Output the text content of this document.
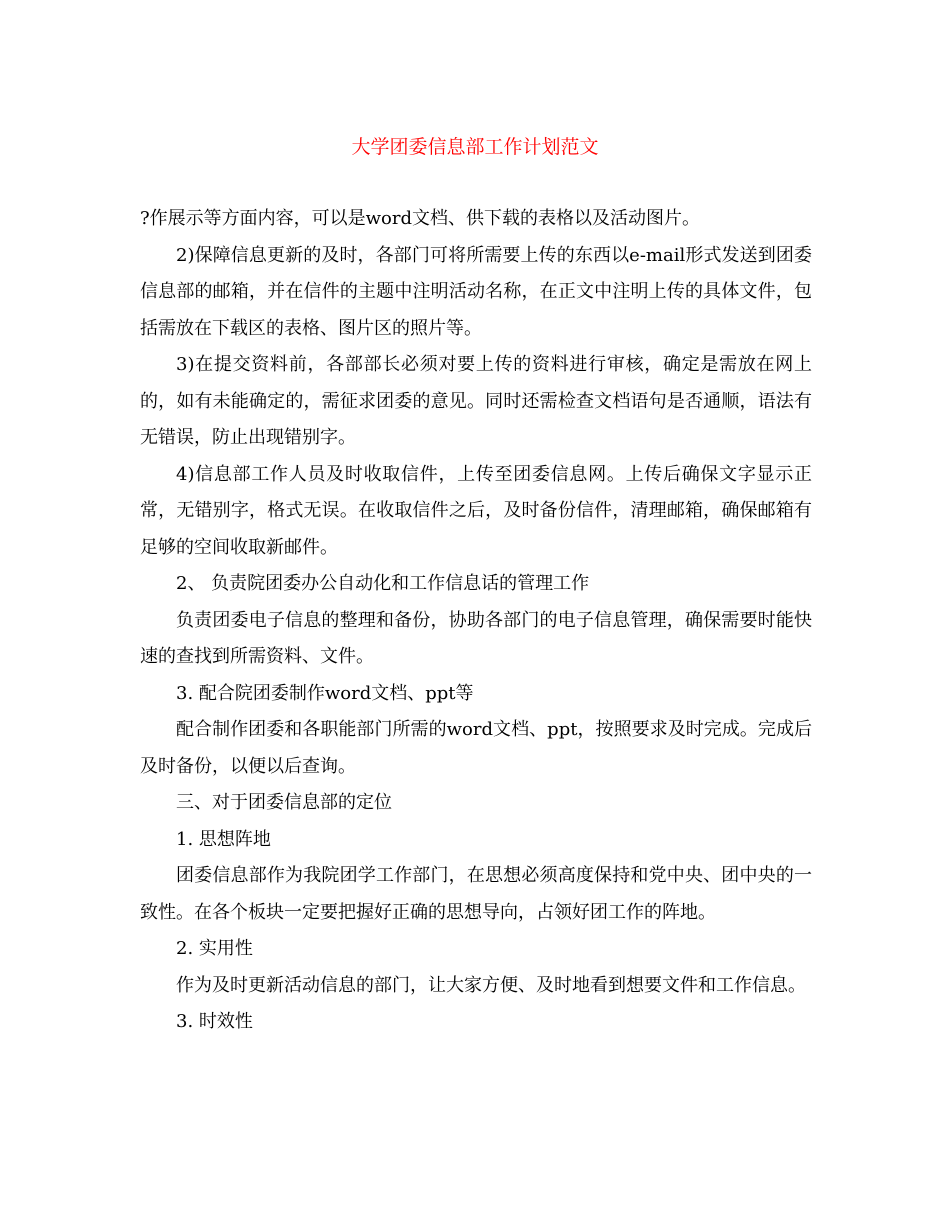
大学团委信息部工作计划范文

?作展示等方面内容，可以是word文档、供下载的表格以及活动图片。

2)保障信息更新的及时，各部门可将所需要上传的东西以e-mail形式发送到团委信息部的邮箱，并在信件的主题中注明活动名称，在正文中注明上传的具体文件，包括需放在下载区的表格、图片区的照片等。

3)在提交资料前，各部部长必须对要上传的资料进行审核，确定是需放在网上的，如有未能确定的，需征求团委的意见。同时还需检查文档语句是否通顺，语法有无错误，防止出现错别字。

4)信息部工作人员及时收取信件，上传至团委信息网。上传后确保文字显示正常，无错别字，格式无误。在收取信件之后，及时备份信件，清理邮箱，确保邮箱有足够的空间收取新邮件。

2、 负责院团委办公自动化和工作信息话的管理工作

负责团委电子信息的整理和备份，协助各部门的电子信息管理，确保需要时能快速的查找到所需资料、文件。

3. 配合院团委制作word文档、ppt等

配合制作团委和各职能部门所需的word文档、ppt，按照要求及时完成。完成后及时备份，以便以后查询。

三、对于团委信息部的定位

1. 思想阵地

团委信息部作为我院团学工作部门，在思想必须高度保持和党中央、团中央的一致性。在各个板块一定要把握好正确的思想导向，占领好团工作的阵地。

2. 实用性

作为及时更新活动信息的部门，让大家方便、及时地看到想要文件和工作信息。

3. 时效性
